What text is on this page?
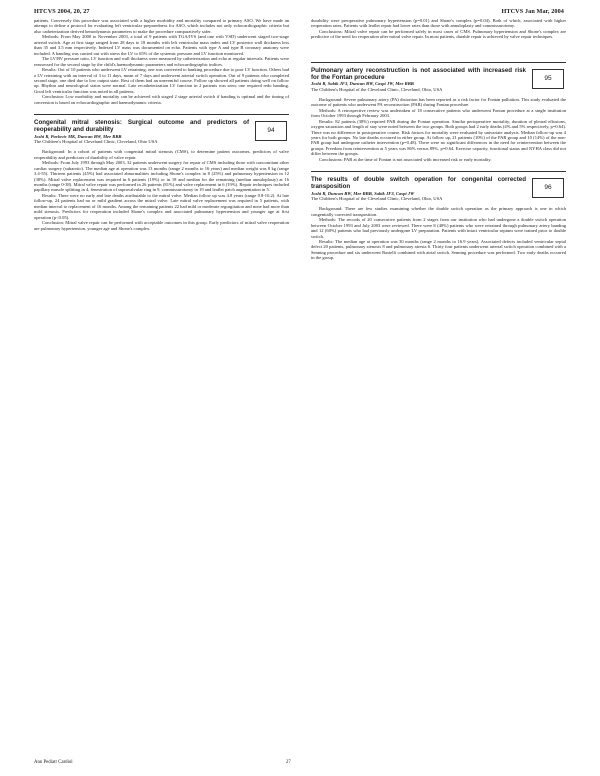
HTCVS 2004, 20, 27	HTCVS Jan Mar, 2004

patients. Conversely this procedure was associated with a higher morbidity and mortality compared to primary ASO. We have made an attempt to define a protocol for evaluating left ventricular preparedness for ASO, which includes not only echocardiographic criteria but also catheterization derived hemodynamic parameters to make the procedure comparatively safer.

Methods: From May 2000 to November 2003, a total of 9 patients with TGA/IVS (and one with VSD) underwent staged two-stage arterial switch. Age at first stage ranged from 28 days to 18 months with left ventricular mass index and LV posterior wall thickness less than 35 and 3.5 mm respectively. Indexed LV mass was documented on echo. Patients with type A and type B coronary anatomy were included. A banding was carried out with stress the LV to 65% of the systemic pressure and LV function monitored.

The LV/RV pressure ratio, LV function and wall thickness were measured by catheterization and echo at regular intervals. Patients were reassessed for the second stage by the child's haemodynamic parameters and echocardiographic indices.

Results: Out of 10 patients who underwent LV retraining, one was converted to banking procedure due to poor LV function. Others had a LV retraining with an interval of 3 to 11 days, mean of 7 days and underwent arterial switch operation. Out of 9 patients who completed second stage, one died due to low output state. Rest of them had an uneventful course. Follow up showed all patients doing well on follow up. Rhythm and neurological status were normal. Late recatheterization LV function in 2 patients was seen; one required redo banding. Good left ventricular function was noted in all patients.

Conclusion: Low morbidity and mortality can be achieved with staged 2 stage arterial switch if banding is optimal and the timing of conversion is based on echocardiographic and haemodynamic criteria.

Congenital mitral stenosis: Surgical outcome and predictors of reoperability and durability
Joshi R, Pavlovic MK, Duncan BW, Mee RBB
The Children's Hospital of Cleveland Clinic, Cleveland, Ohio USA
94

Background: In a cohort of patients with congenital mitral stenosis (CMS), to determine patient outcomes, predictors of valve reoperability and predictors of durability of valve repair.

Methods: From July 1993 through May 2003, 32 patients underwent surgery for repair of CMS including those with concomitant other cardiac surgery (subaortic). The median age at operation was 13 months (range 2 months to 16 years) and median weight was 8 kg (range 3.4-55). Thirteen patients (45%) had associated abnormalities including Shone's complex in 8 (25%) and pulmonary hypertension in 12 (38%). Mitral valve replacement was required in 6 patients (19%) or in 18 and median for the remaining (median annuloplasty) at 16 months (range 0-38). Mitral valve repair was performed in 26 patients (81%) and valve replacement in 6 (19%). Repair techniques included papillary muscle splitting in 4, fenestration of supravalvular ring in 9, commissurotomy in 19 and leaflet patch augmentation in 5.

Results: There were no early and late deaths attributable to the mitral valve. Median follow up was 4.8 years (range 0.8-10.2). At late follow-up, 24 patients had no or mild gradient across the mitral valve. Late mitral valve replacement was required in 5 patients, with median interval to replacement of 16 months. Among the remaining patients 22 had mild or moderate regurgitation and none had more than mild stenosis. Predictors for reoperation included Shone's complex and associated pulmonary hypertension and younger age at first operation (p<0.05).

Conclusion: Mitral valve repair can be performed with acceptable outcomes in this group. Early predictors of mitral valve reoperation are pulmonary hypertension, younger age and Shone's complex.

durability were preoperative pulmonary hypertension (p=0.01) and Shone's complex (p=0.04). Both of which, associated with higher reoperation rates. Patients with leaflet repair had lower rates than those with annuloplasty and commissurotomy.

Conclusions: Mitral valve repair can be performed safely in most cases of CMS. Pulmonary hypertension and Shone's complex are predictive of the need for reoperation after mitral valve repair. In most patients, durable repair is achieved by valve repair techniques.

Pulmonary artery reconstruction is not associated with increased risk for the Fontan procedure
Joshi R, Sabik JF3, Duncan BW, Caspi JW, Mee RBB
The Children's Hospital of the Cleveland Clinic, Cleveland, Ohio, USA
95

Background: Severe pulmonary artery (PA) distortion has been reported as a risk factor for Fontan palliation. This study evaluated the outcome of patients who underwent PA reconstruction (PAR) during Fontan procedure.

Methods: A retrospective review was undertaken of 18 consecutive patients who underwent Fontan procedure at a single institution from October 1993 through February 2003.

Results: 82 patients (38%) required PAR during the Fontan operation. Similar perioperative mortality, duration of pleural effusions, oxygen saturation and length of stay were noted between the two groups. Both groups had 2 early deaths (4% and 5% respectively, p=0.64). There was no difference in postoperative course. Risk factors for mortality were evaluated by univariate analysis. Median follow-up was 4 years for both groups. No late deaths occurred in either group. At follow up, 21 patients (10%) of the PAR group and 10 (14%) of the non-PAR group had undergone catheter intervention (p=0.48). There were no significant differences in the need for reintervention between the groups. Freedom from reintervention at 5 years was 86% versus 89%, p=0.64. Exercise capacity, functional status and NYHA class did not differ between the groups.

Conclusions: PAR at the time of Fontan is not associated with increased risk or early mortality.

The results of double switch operation for congenital corrected transposition
Joshi R, Duncan BW, Mee RBB, Sabik JF3, Caspi JW
The Children's Hospital of the Cleveland Clinic, Cleveland, Ohio, USA
96

Background: There are few studies examining whether the double switch operation as the primary approach is one in which congenitally corrected transposition.

Methods: The records of 20 consecutive patients from 2 stages from our institution who had undergone a double switch operation between October 1993 and July 2003 were reviewed. There were 8 (40%) patients who were retrained through pulmonary artery banding and 12 (60%) patients who had previously undergone LV preparation. Patients with intact ventricular septum were trained prior to double switch.

Results: The median age at operation was 30 months (range 2 months to 16.9 years). Associated defects included ventricular septal defect 20 patients, pulmonary stenosis 8 and pulmonary atresia 6. Thirty four patients underwent arterial switch operation combined with a Senning procedure and six underwent Rastelli combined with atrial switch. Senning procedure was performed. Two early deaths occurred in the group.

Ann Pediatr Cardiol	27
